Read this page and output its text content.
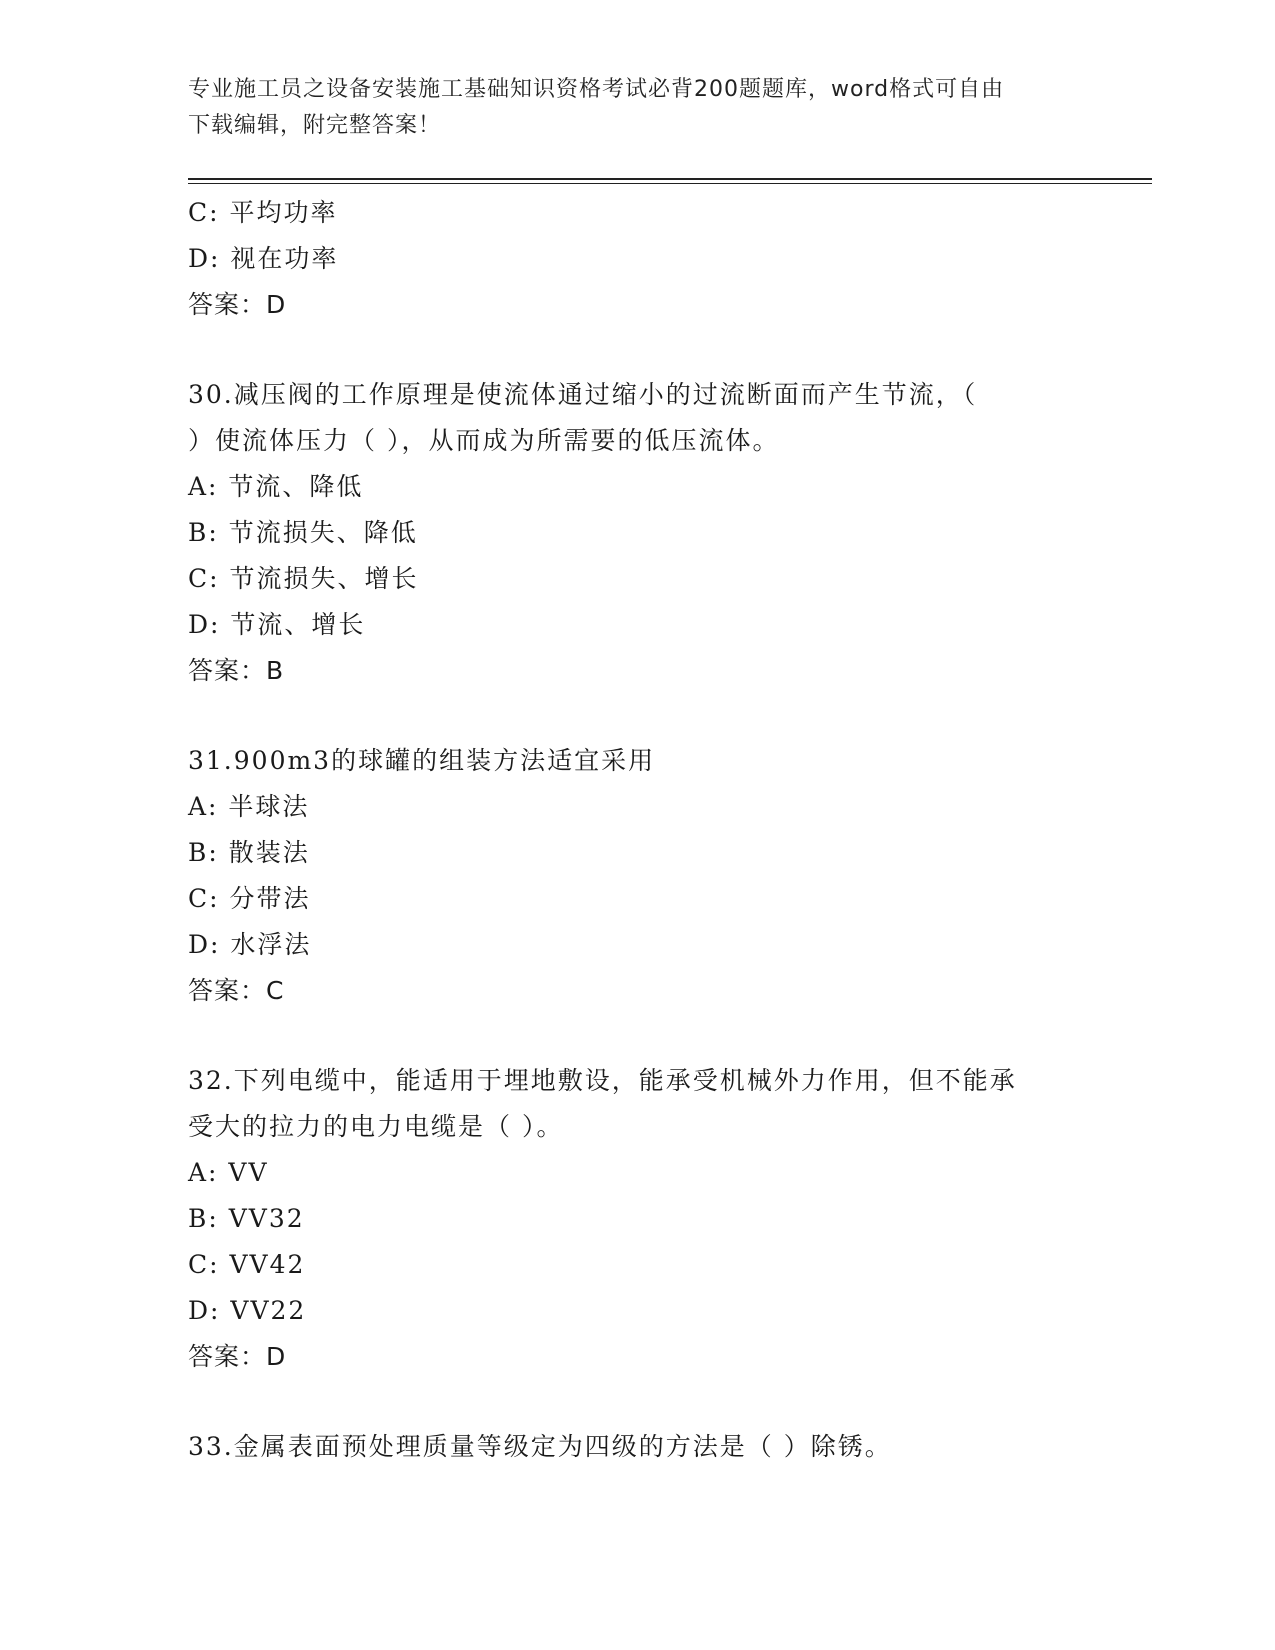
专业施工员之设备安装施工基础知识资格考试必背200题题库，word格式可自由
下载编辑，附完整答案！
C: 平均功率
D: 视在功率
答案：D
30.减压阀的工作原理是使流体通过缩小的过流断面而产生节流，（
）使流体压力（ ），从而成为所需要的低压流体。
A: 节流、降低
B: 节流损失、降低
C: 节流损失、增长
D: 节流、增长
答案：B
31.900m3的球罐的组装方法适宜采用
A: 半球法
B: 散装法
C: 分带法
D: 水浮法
答案：C
32.下列电缆中，能适用于埋地敷设，能承受机械外力作用，但不能承
受大的拉力的电力电缆是（ ）。
A: VV
B: VV32
C: VV42
D: VV22
答案：D
33.金属表面预处理质量等级定为四级的方法是（ ）除锈。
